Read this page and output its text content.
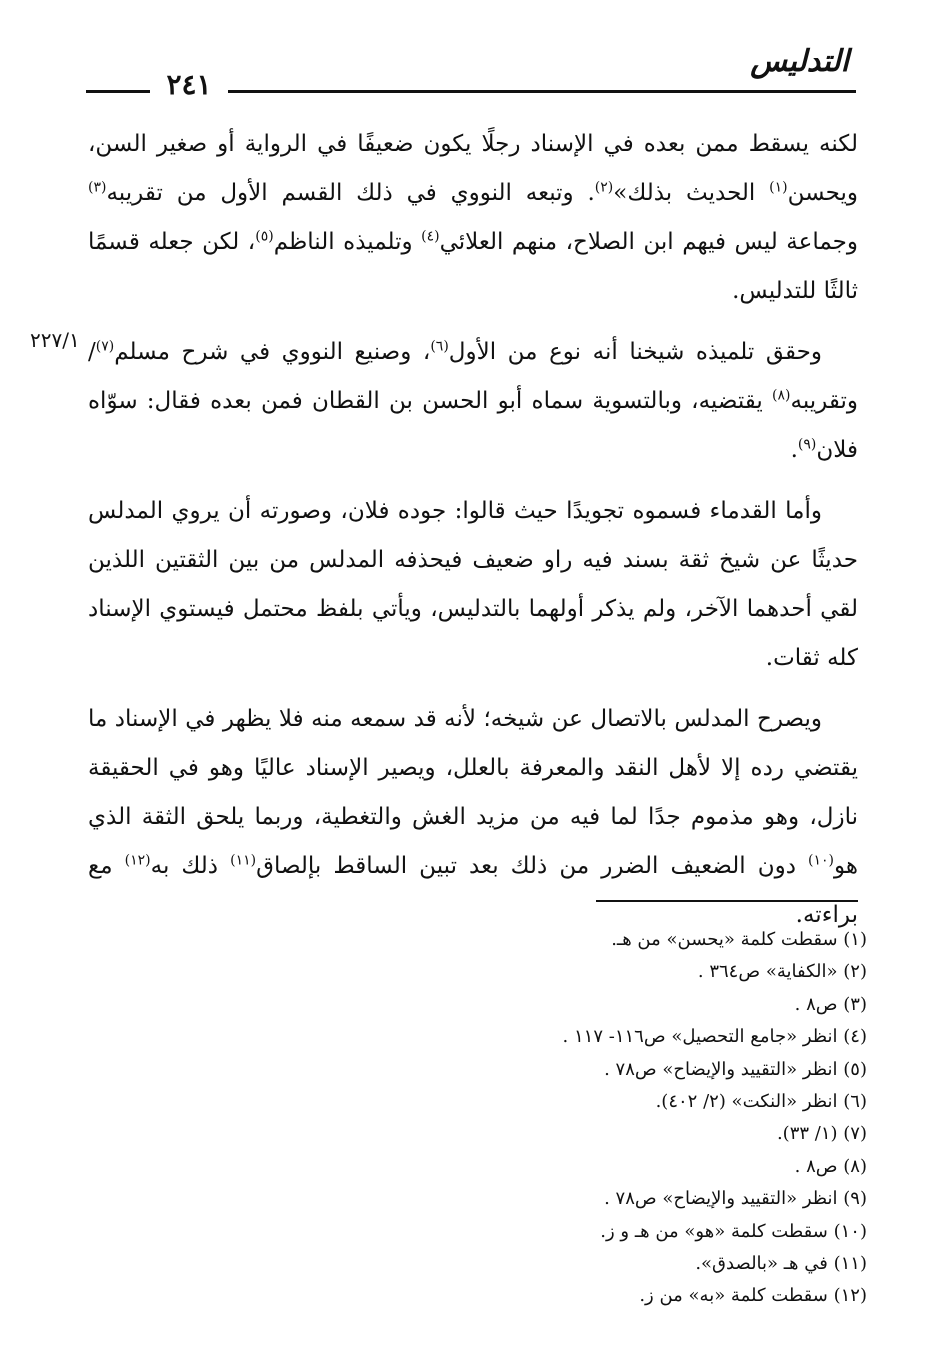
التدليس
٢٤١
٢٢٧/١

لكنه يسقط ممن بعده في الإسناد رجلًا يكون ضعيفًا في الرواية أو صغير السن، ويحسن$^{(١)}$ الحديث بذلك»$^{(٢)}$. وتبعه النووي في ذلك القسم الأول من تقريبه$^{(٣)}$ وجماعة ليس فيهم ابن الصلاح، منهم العلائي$^{(٤)}$ وتلميذه الناظم$^{(٥)}$، لكن جعله قسمًا ثالثًا للتدليس.

وحقق تلميذه شيخنا أنه نوع من الأول$^{(٦)}$، وصنيع النووي في شرح مسلم$^{(٧)}$/ وتقريبه$^{(٨)}$ يقتضيه، وبالتسوية سماه أبو الحسن بن القطان فمن بعده فقال: سوّاه فلان$^{(٩)}$.

وأما القدماء فسموه تجويدًا حيث قالوا: جوده فلان، وصورته أن يروي المدلس حديثًا عن شيخ ثقة بسند فيه راو ضعيف فيحذفه المدلس من بين الثقتين اللذين لقي أحدهما الآخر، ولم يذكر أولهما بالتدليس، ويأتي بلفظ محتمل فيستوي الإسناد كله ثقات.

ويصرح المدلس بالاتصال عن شيخه؛ لأنه قد سمعه منه فلا يظهر في الإسناد ما يقتضي رده إلا لأهل النقد والمعرفة بالعلل، ويصير الإسناد عاليًا وهو في الحقيقة نازل، وهو مذموم جدًا لما فيه من مزيد الغش والتغطية، وربما يلحق الثقة الذي هو$^{(١٠)}$ دون الضعيف الضرر من ذلك بعد تبين الساقط بإلصاق$^{(١١)}$ ذلك به$^{(١٢)}$ مع براءته.

(١) سقطت كلمة «يحسن» من هـ.
(٢) «الكفاية» ص٣٦٤ .
(٣) ص٨ .
(٤) انظر «جامع التحصيل» ص١١٦- ١١٧ .
(٥) انظر «التقييد والإيضاح» ص٧٨ .
(٦) انظر «النكت» (٢/ ٤٠٢).
(٧) (١/ ٣٣).
(٨) ص٨ .
(٩) انظر «التقييد والإيضاح» ص٧٨ .
(١٠) سقطت كلمة «هو» من هـ و ز.
(١١) في هـ «بالصدق».
(١٢) سقطت كلمة «به» من ز.
